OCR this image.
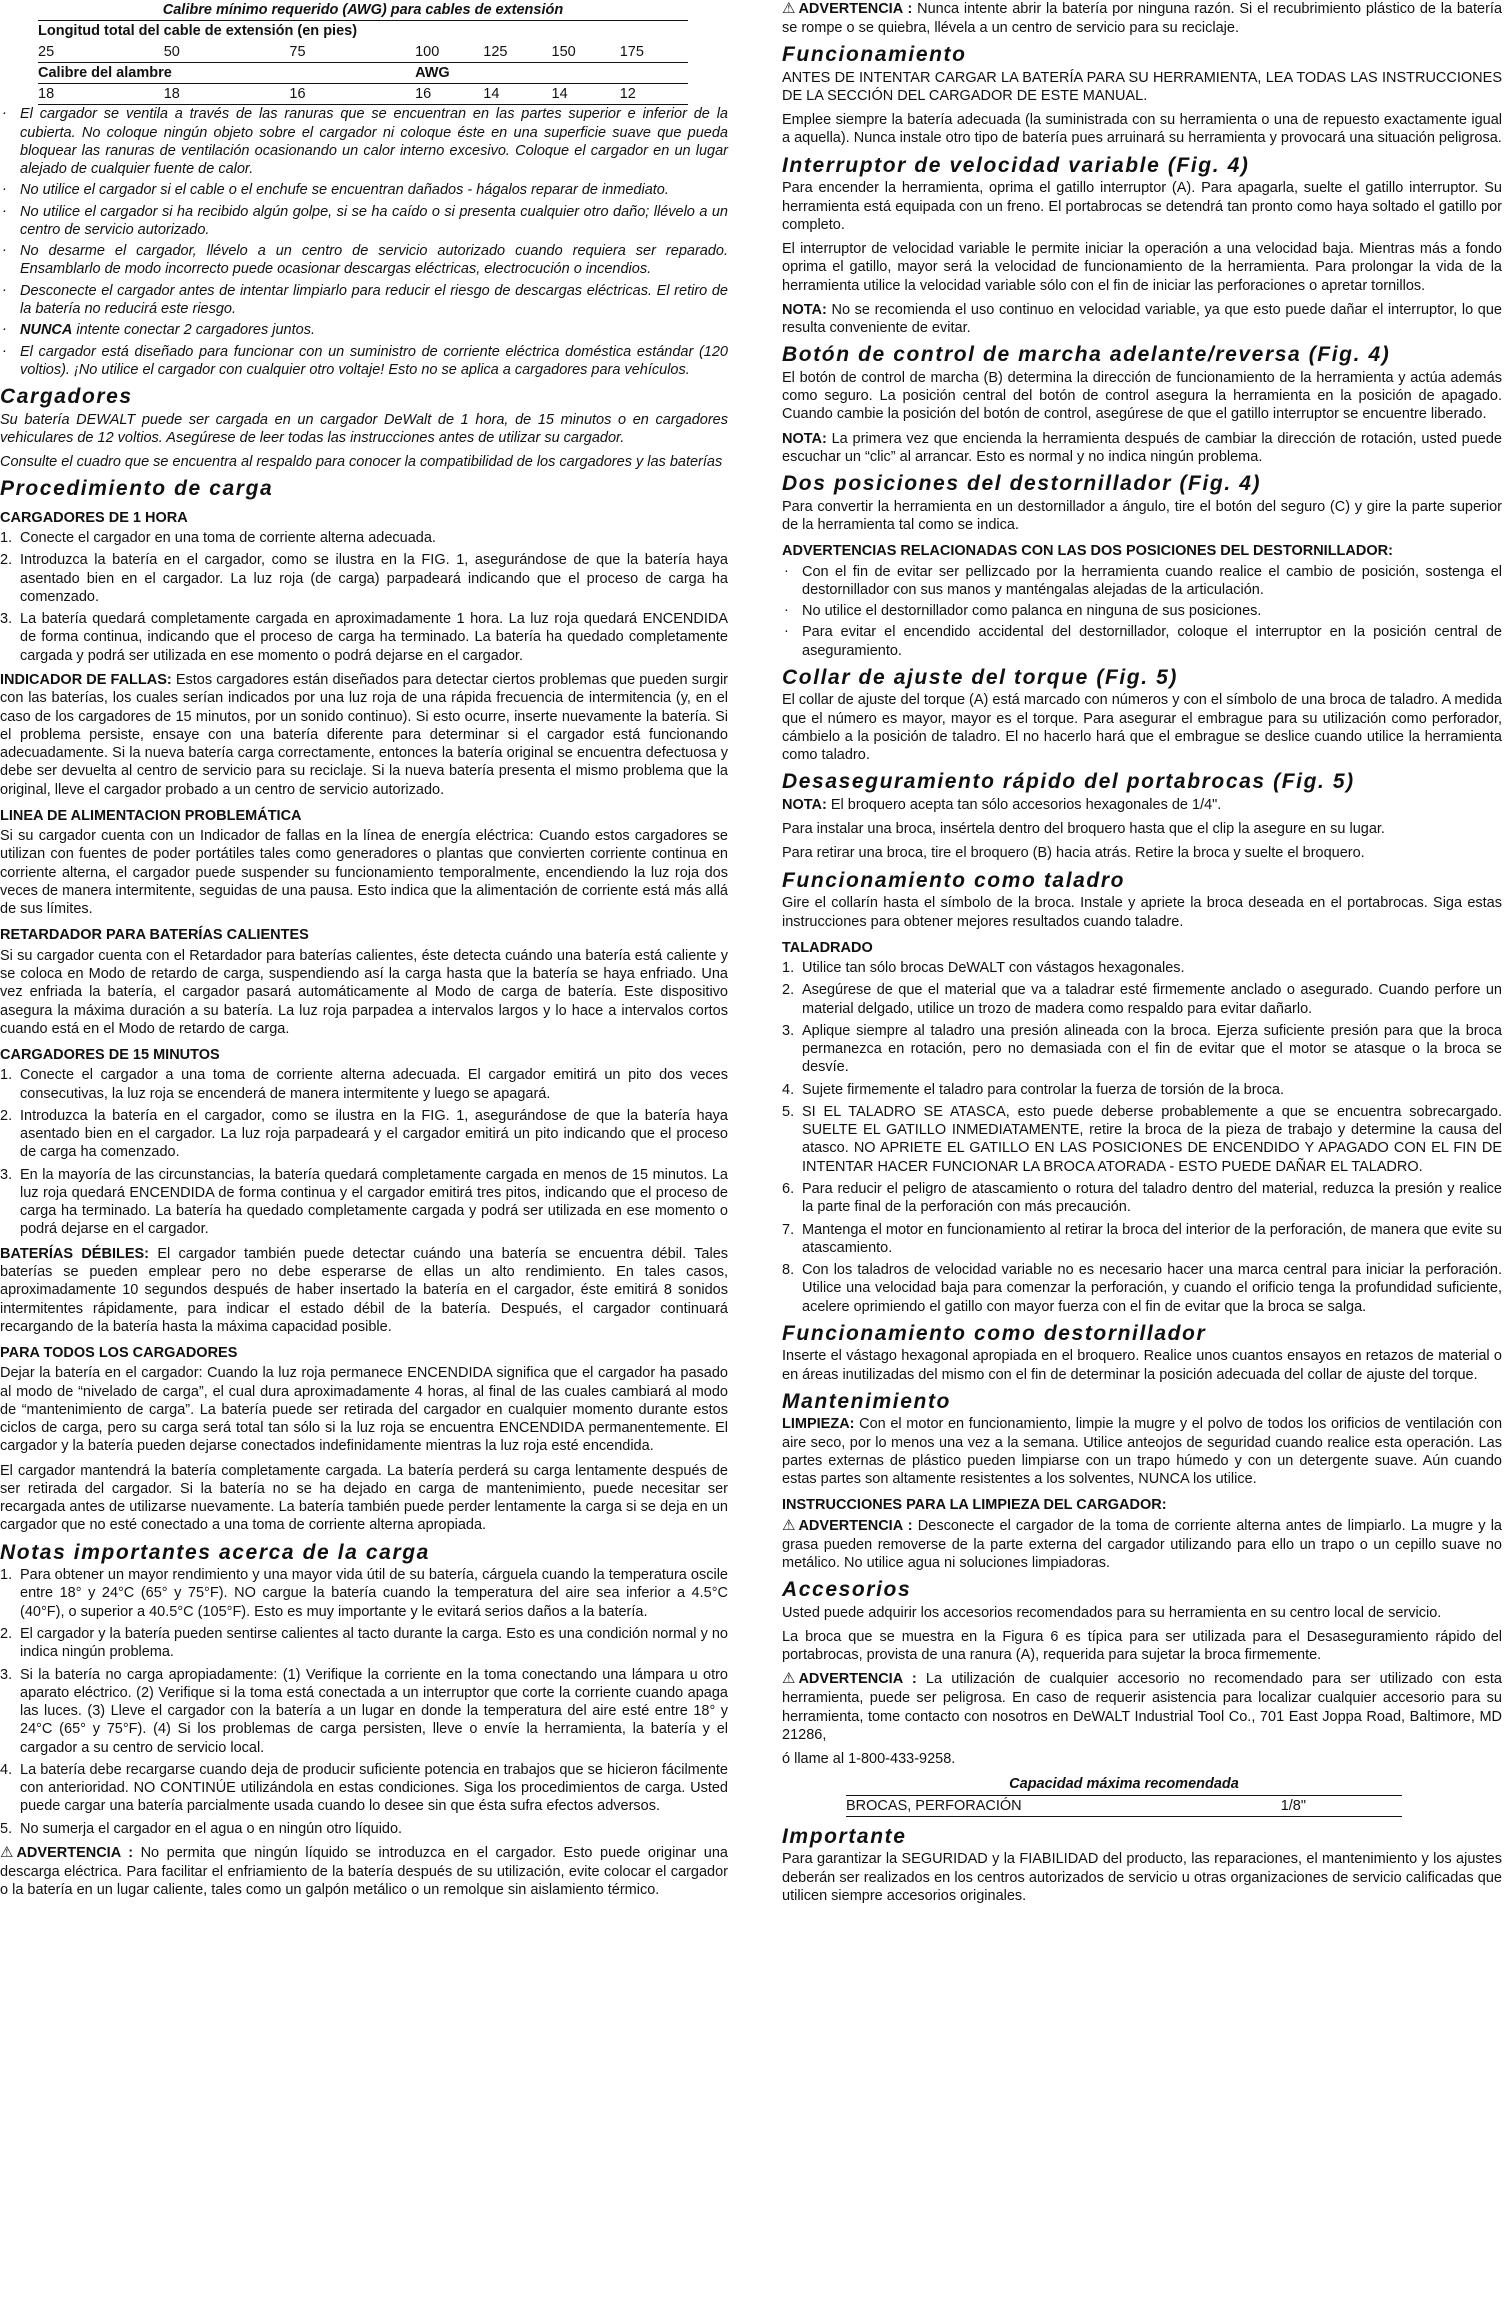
Calibre mínimo requerido (AWG) para cables de extensión						
Longitud total del cable de extensión (en pies)						
25	50	75	100	125	150	175
Calibre del alambre			AWG			
18	18	16	16	14	14	12
· El cargador se ventila a través de las ranuras que se encuentran en las partes superior e inferior de la cubierta. No coloque ningún objeto sobre el cargador ni coloque éste en una superficie suave que pueda bloquear las ranuras de ventilación ocasionando un calor interno excesivo. Coloque el cargador en un lugar alejado de cualquier fuente de calor.
· No utilice el cargador si el cable o el enchufe se encuentran dañados - hágalos reparar de inmediato.
· No utilice el cargador si ha recibido algún golpe, si se ha caído o si presenta cualquier otro daño; llévelo a un centro de servicio autorizado.
· No desarme el cargador, llévelo a un centro de servicio autorizado cuando requiera ser reparado. Ensamblarlo de modo incorrecto puede ocasionar descargas eléctricas, electrocución o incendios.
· Desconecte el cargador antes de intentar limpiarlo para reducir el riesgo de descargas eléctricas. El retiro de la batería no reducirá este riesgo.
· NUNCA intente conectar 2 cargadores juntos.
· El cargador está diseñado para funcionar con un suministro de corriente eléctrica doméstica estándar (120 voltios). ¡No utilice el cargador con cualquier otro voltaje! Esto no se aplica a cargadores para vehículos.
Cargadores

Su batería DEWALT puede ser cargada en un cargador DeWalt de 1 hora, de 15 minutos o en cargadores vehiculares de 12 voltios. Asegúrese de leer todas las instrucciones antes de utilizar su cargador.

Consulte el cuadro que se encuentra al respaldo para conocer la compatibilidad de los cargadores y las baterías

Procedimiento de carga
CARGADORES DE 1 HORA
1. Conecte el cargador en una toma de corriente alterna adecuada.
2. Introduzca la batería en el cargador, como se ilustra en la FIG. 1, asegurándose de que la batería haya asentado bien en el cargador. La luz roja (de carga) parpadeará indicando que el proceso de carga ha comenzado.
3. La batería quedará completamente cargada en aproximadamente 1 hora. La luz roja quedará ENCENDIDA de forma continua, indicando que el proceso de carga ha terminado. La batería ha quedado completamente cargada y podrá ser utilizada en ese momento o podrá dejarse en el cargador.

INDICADOR DE FALLAS: Estos cargadores están diseñados para detectar ciertos problemas que pueden surgir con las baterías, los cuales serían indicados por una luz roja de una rápida frecuencia de intermitencia (y, en el caso de los cargadores de 15 minutos, por un sonido continuo). Si esto ocurre, inserte nuevamente la batería. Si el problema persiste, ensaye con una batería diferente para determinar si el cargador está funcionando adecuadamente. Si la nueva batería carga correctamente, entonces la batería original se encuentra defectuosa y debe ser devuelta al centro de servicio para su reciclaje. Si la nueva batería presenta el mismo problema que la original, lleve el cargador probado a un centro de servicio autorizado.

LINEA DE ALIMENTACION PROBLEMÁTICA

Si su cargador cuenta con un Indicador de fallas en la línea de energía eléctrica: Cuando estos cargadores se utilizan con fuentes de poder portátiles tales como generadores o plantas que convierten corriente continua en corriente alterna, el cargador puede suspender su funcionamiento temporalmente, encendiendo la luz roja dos veces de manera intermitente, seguidas de una pausa. Esto indica que la alimentación de corriente está más allá de sus límites.

RETARDADOR PARA BATERÍAS CALIENTES

Si su cargador cuenta con el Retardador para baterías calientes, éste detecta cuándo una batería está caliente y se coloca en Modo de retardo de carga, suspendiendo así la carga hasta que la batería se haya enfriado. Una vez enfriada la batería, el cargador pasará automáticamente al Modo de carga de batería. Este dispositivo asegura la máxima duración a su batería. La luz roja parpadea a intervalos largos y lo hace a intervalos cortos cuando está en el Modo de retardo de carga.

CARGADORES DE 15 MINUTOS
1. Conecte el cargador a una toma de corriente alterna adecuada. El cargador emitirá un pito dos veces consecutivas, la luz roja se encenderá de manera intermitente y luego se apagará.
2. Introduzca la batería en el cargador, como se ilustra en la FIG. 1, asegurándose de que la batería haya asentado bien en el cargador. La luz roja parpadeará y el cargador emitirá un pito indicando que el proceso de carga ha comenzado.
3. En la mayoría de las circunstancias, la batería quedará completamente cargada en menos de 15 minutos. La luz roja quedará ENCENDIDA de forma continua y el cargador emitirá tres pitos, indicando que el proceso de carga ha terminado. La batería ha quedado completamente cargada y podrá ser utilizada en ese momento o podrá dejarse en el cargador.

BATERÍAS DÉBILES: El cargador también puede detectar cuándo una batería se encuentra débil. Tales baterías se pueden emplear pero no debe esperarse de ellas un alto rendimiento. En tales casos, aproximadamente 10 segundos después de haber insertado la batería en el cargador, éste emitirá 8 sonidos intermitentes rápidamente, para indicar el estado débil de la batería. Después, el cargador continuará recargando de la batería hasta la máxima capacidad posible.

PARA TODOS LOS CARGADORES

Dejar la batería en el cargador: Cuando la luz roja permanece ENCENDIDA significa que el cargador ha pasado al modo de “nivelado de carga”, el cual dura aproximadamente 4 horas, al final de las cuales cambiará al modo de “mantenimiento de carga”. La batería puede ser retirada del cargador en cualquier momento durante estos ciclos de carga, pero su carga será total tan sólo si la luz roja se encuentra ENCENDIDA permanentemente. El cargador y la batería pueden dejarse conectados indefinidamente mientras la luz roja esté encendida.

El cargador mantendrá la batería completamente cargada. La batería perderá su carga lentamente después de ser retirada del cargador. Si la batería no se ha dejado en carga de mantenimiento, puede necesitar ser recargada antes de utilizarse nuevamente. La batería también puede perder lentamente la carga si se deja en un cargador que no esté conectado a una toma de corriente alterna apropiada.

Notas importantes acerca de la carga
1. Para obtener un mayor rendimiento y una mayor vida útil de su batería, cárguela cuando la temperatura oscile entre 18° y 24°C (65° y 75°F). NO cargue la batería cuando la temperatura del aire sea inferior a 4.5°C (40°F), o superior a 40.5°C (105°F). Esto es muy importante y le evitará serios daños a la batería.
2. El cargador y la batería pueden sentirse calientes al tacto durante la carga. Esto es una condición normal y no indica ningún problema.
3. Si la batería no carga apropiadamente: (1) Verifique la corriente en la toma conectando una lámpara u otro aparato eléctrico. (2) Verifique si la toma está conectada a un interruptor que corte la corriente cuando apaga las luces. (3) Lleve el cargador con la batería a un lugar en donde la temperatura del aire esté entre 18° y 24°C (65° y 75°F). (4) Si los problemas de carga persisten, lleve o envíe la herramienta, la batería y el cargador a su centro de servicio local.
4. La batería debe recargarse cuando deja de producir suficiente potencia en trabajos que se hicieron fácilmente con anterioridad. NO CONTINÚE utilizándola en estas condiciones. Siga los procedimientos de carga. Usted puede cargar una batería parcialmente usada cuando lo desee sin que ésta sufra efectos adversos.
5. No sumerja el cargador en el agua o en ningún otro líquido.

⚠ ADVERTENCIA : No permita que ningún líquido se introduzca en el cargador. Esto puede originar una descarga eléctrica. Para facilitar el enfriamiento de la batería después de su utilización, evite colocar el cargador o la batería en un lugar caliente, tales como un galpón metálico o un remolque sin aislamiento térmico.

⚠ ADVERTENCIA : Nunca intente abrir la batería por ninguna razón. Si el recubrimiento plástico de la batería se rompe o se quiebra, llévela a un centro de servicio para su reciclaje.

Funcionamiento

ANTES DE INTENTAR CARGAR LA BATERÍA PARA SU HERRAMIENTA, LEA TODAS LAS INSTRUCCIONES DE LA SECCIÓN DEL CARGADOR DE ESTE MANUAL.

Emplee siempre la batería adecuada (la suministrada con su herramienta o una de repuesto exactamente igual a aquella). Nunca instale otro tipo de batería pues arruinará su herramienta y provocará una situación peligrosa.

Interruptor de velocidad variable (Fig. 4)

Para encender la herramienta, oprima el gatillo interruptor (A). Para apagarla, suelte el gatillo interruptor. Su herramienta está equipada con un freno. El portabrocas se detendrá tan pronto como haya soltado el gatillo por completo.

El interruptor de velocidad variable le permite iniciar la operación a una velocidad baja. Mientras más a fondo oprima el gatillo, mayor será la velocidad de funcionamiento de la herramienta. Para prolongar la vida de la herramienta utilice la velocidad variable sólo con el fin de iniciar las perforaciones o apretar tornillos.

NOTA: No se recomienda el uso continuo en velocidad variable, ya que esto puede dañar el interruptor, lo que resulta conveniente de evitar.

Botón de control de marcha adelante/reversa (Fig. 4)

El botón de control de marcha (B) determina la dirección de funcionamiento de la herramienta y actúa además como seguro. La posición central del botón de control asegura la herramienta en la posición de apagado. Cuando cambie la posición del botón de control, asegúrese de que el gatillo interruptor se encuentre liberado.

NOTA: La primera vez que encienda la herramienta después de cambiar la dirección de rotación, usted puede escuchar un “clic” al arrancar. Esto es normal y no indica ningún problema.

Dos posiciones del destornillador (Fig. 4)

Para convertir la herramienta en un destornillador a ángulo, tire el botón del seguro (C) y gire la parte superior de la herramienta tal como se indica.

ADVERTENCIAS RELACIONADAS CON LAS DOS POSICIONES DEL DESTORNILLADOR:
· Con el fin de evitar ser pellizcado por la herramienta cuando realice el cambio de posición, sostenga el destornillador con sus manos y manténgalas alejadas de la articulación.
· No utilice el destornillador como palanca en ninguna de sus posiciones.
· Para evitar el encendido accidental del destornillador, coloque el interruptor en la posición central de aseguramiento.
Collar de ajuste del torque (Fig. 5)

El collar de ajuste del torque (A) está marcado con números y con el símbolo de una broca de taladro. A medida que el número es mayor, mayor es el torque. Para asegurar el embrague para su utilización como perforador, cámbielo a la posición de taladro. El no hacerlo hará que el embrague se deslice cuando utilice la herramienta como taladro.

Desaseguramiento rápido del portabrocas (Fig. 5)

NOTA: El broquero acepta tan sólo accesorios hexagonales de 1/4".

Para instalar una broca, insértela dentro del broquero hasta que el clip la asegure en su lugar.

Para retirar una broca, tire el broquero (B) hacia atrás. Retire la broca y suelte el broquero.

Funcionamiento como taladro

Gire el collarín hasta el símbolo de la broca. Instale y apriete la broca deseada en el portabrocas. Siga estas instrucciones para obtener mejores resultados cuando taladre.

TALADRADO
1. Utilice tan sólo brocas DeWALT con vástagos hexagonales.
2. Asegúrese de que el material que va a taladrar esté firmemente anclado o asegurado. Cuando perfore un material delgado, utilice un trozo de madera como respaldo para evitar dañarlo.
3. Aplique siempre al taladro una presión alineada con la broca. Ejerza suficiente presión para que la broca permanezca en rotación, pero no demasiada con el fin de evitar que el motor se atasque o la broca se desvíe.
4. Sujete firmemente el taladro para controlar la fuerza de torsión de la broca.
5. SI EL TALADRO SE ATASCA, esto puede deberse probablemente a que se encuentra sobrecargado. SUELTE EL GATILLO INMEDIATAMENTE, retire la broca de la pieza de trabajo y determine la causa del atasco. NO APRIETE EL GATILLO EN LAS POSICIONES DE ENCENDIDO Y APAGADO CON EL FIN DE INTENTAR HACER FUNCIONAR LA BROCA ATORADA - ESTO PUEDE DAÑAR EL TALADRO.
6. Para reducir el peligro de atascamiento o rotura del taladro dentro del material, reduzca la presión y realice la parte final de la perforación con más precaución.
7. Mantenga el motor en funcionamiento al retirar la broca del interior de la perforación, de manera que evite su atascamiento.
8. Con los taladros de velocidad variable no es necesario hacer una marca central para iniciar la perforación. Utilice una velocidad baja para comenzar la perforación, y cuando el orificio tenga la profundidad suficiente, acelere oprimiendo el gatillo con mayor fuerza con el fin de evitar que la broca se salga.
Funcionamiento como destornillador

Inserte el vástago hexagonal apropiada en el broquero. Realice unos cuantos ensayos en retazos de material o en áreas inutilizadas del mismo con el fin de determinar la posición adecuada del collar de ajuste del torque.

Mantenimiento

LIMPIEZA: Con el motor en funcionamiento, limpie la mugre y el polvo de todos los orificios de ventilación con aire seco, por lo menos una vez a la semana. Utilice anteojos de seguridad cuando realice esta operación. Las partes externas de plástico pueden limpiarse con un trapo húmedo y con un detergente suave. Aún cuando estas partes son altamente resistentes a los solventes, NUNCA los utilice.

INSTRUCCIONES PARA LA LIMPIEZA DEL CARGADOR:

⚠ ADVERTENCIA : Desconecte el cargador de la toma de corriente alterna antes de limpiarlo. La mugre y la grasa pueden removerse de la parte externa del cargador utilizando para ello un trapo o un cepillo suave no metálico. No utilice agua ni soluciones limpiadoras.

Accesorios

Usted puede adquirir los accesorios recomendados para su herramienta en su centro local de servicio.

La broca que se muestra en la Figura 6 es típica para ser utilizada para el Desaseguramiento rápido del portabrocas, provista de una ranura (A), requerida para sujetar la broca firmemente.

⚠ ADVERTENCIA : La utilización de cualquier accesorio no recomendado para ser utilizado con esta herramienta, puede ser peligrosa. En caso de requerir asistencia para localizar cualquier accesorio para su herramienta, tome contacto con nosotros en DeWALT Industrial Tool Co., 701 East Joppa Road, Baltimore, MD 21286,

ó llame al 1-800-433-9258.

Capacidad máxima recomendada
BROCAS, PERFORACIÓN	1/8"
Importante

Para garantizar la SEGURIDAD y la FIABILIDAD del producto, las reparaciones, el mantenimiento y los ajustes deberán ser realizados en los centros autorizados de servicio u otras organizaciones de servicio calificadas que utilicen siempre accesorios originales.
